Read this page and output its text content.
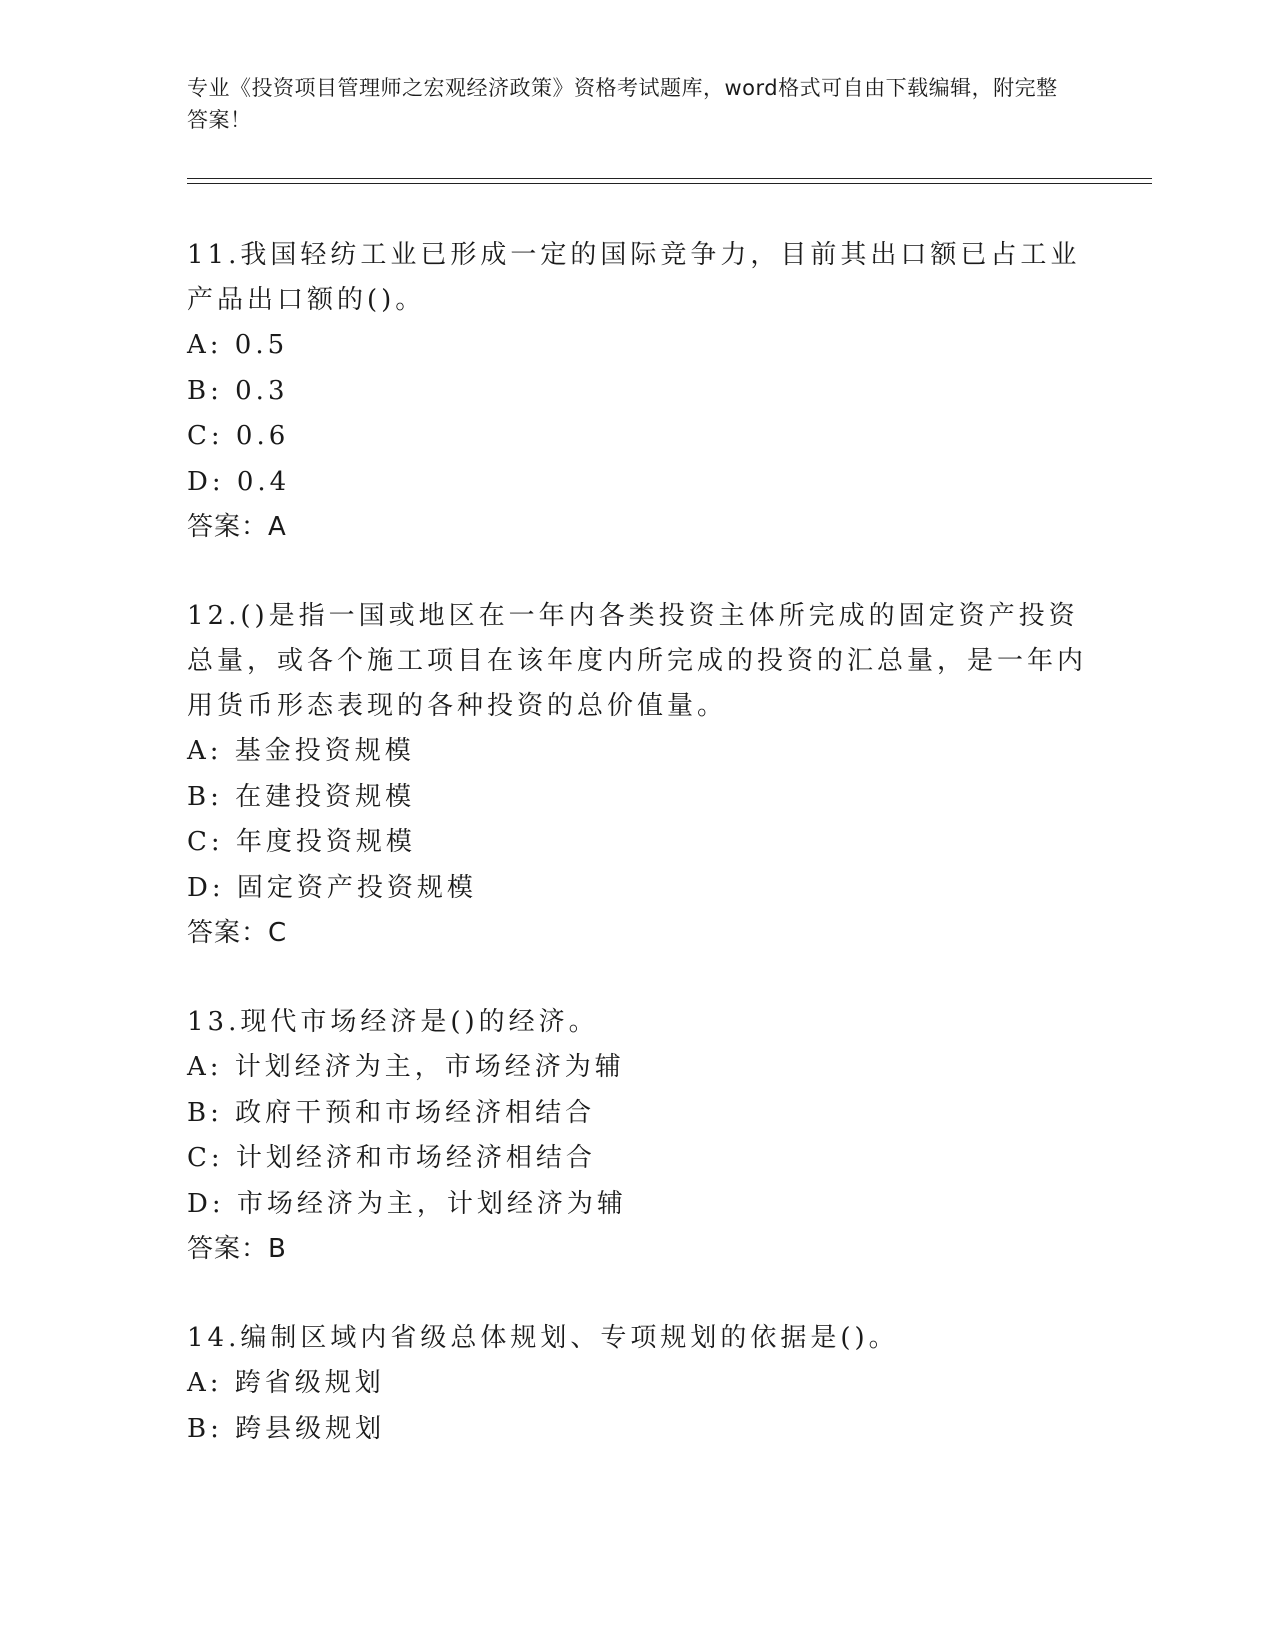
专业《投资项目管理师之宏观经济政策》资格考试题库，word格式可自由下载编辑，附完整答案！

11.我国轻纺工业已形成一定的国际竞争力，目前其出口额已占工业产品出口额的()。

A: 0.5

B: 0.3

C: 0.6

D: 0.4

答案：A

12.()是指一国或地区在一年内各类投资主体所完成的固定资产投资总量，或各个施工项目在该年度内所完成的投资的汇总量，是一年内用货币形态表现的各种投资的总价值量。

A: 基金投资规模

B: 在建投资规模

C: 年度投资规模

D: 固定资产投资规模

答案：C

13.现代市场经济是()的经济。

A: 计划经济为主，市场经济为辅

B: 政府干预和市场经济相结合

C: 计划经济和市场经济相结合

D: 市场经济为主，计划经济为辅

答案：B

14.编制区域内省级总体规划、专项规划的依据是()。

A: 跨省级规划

B: 跨县级规划
